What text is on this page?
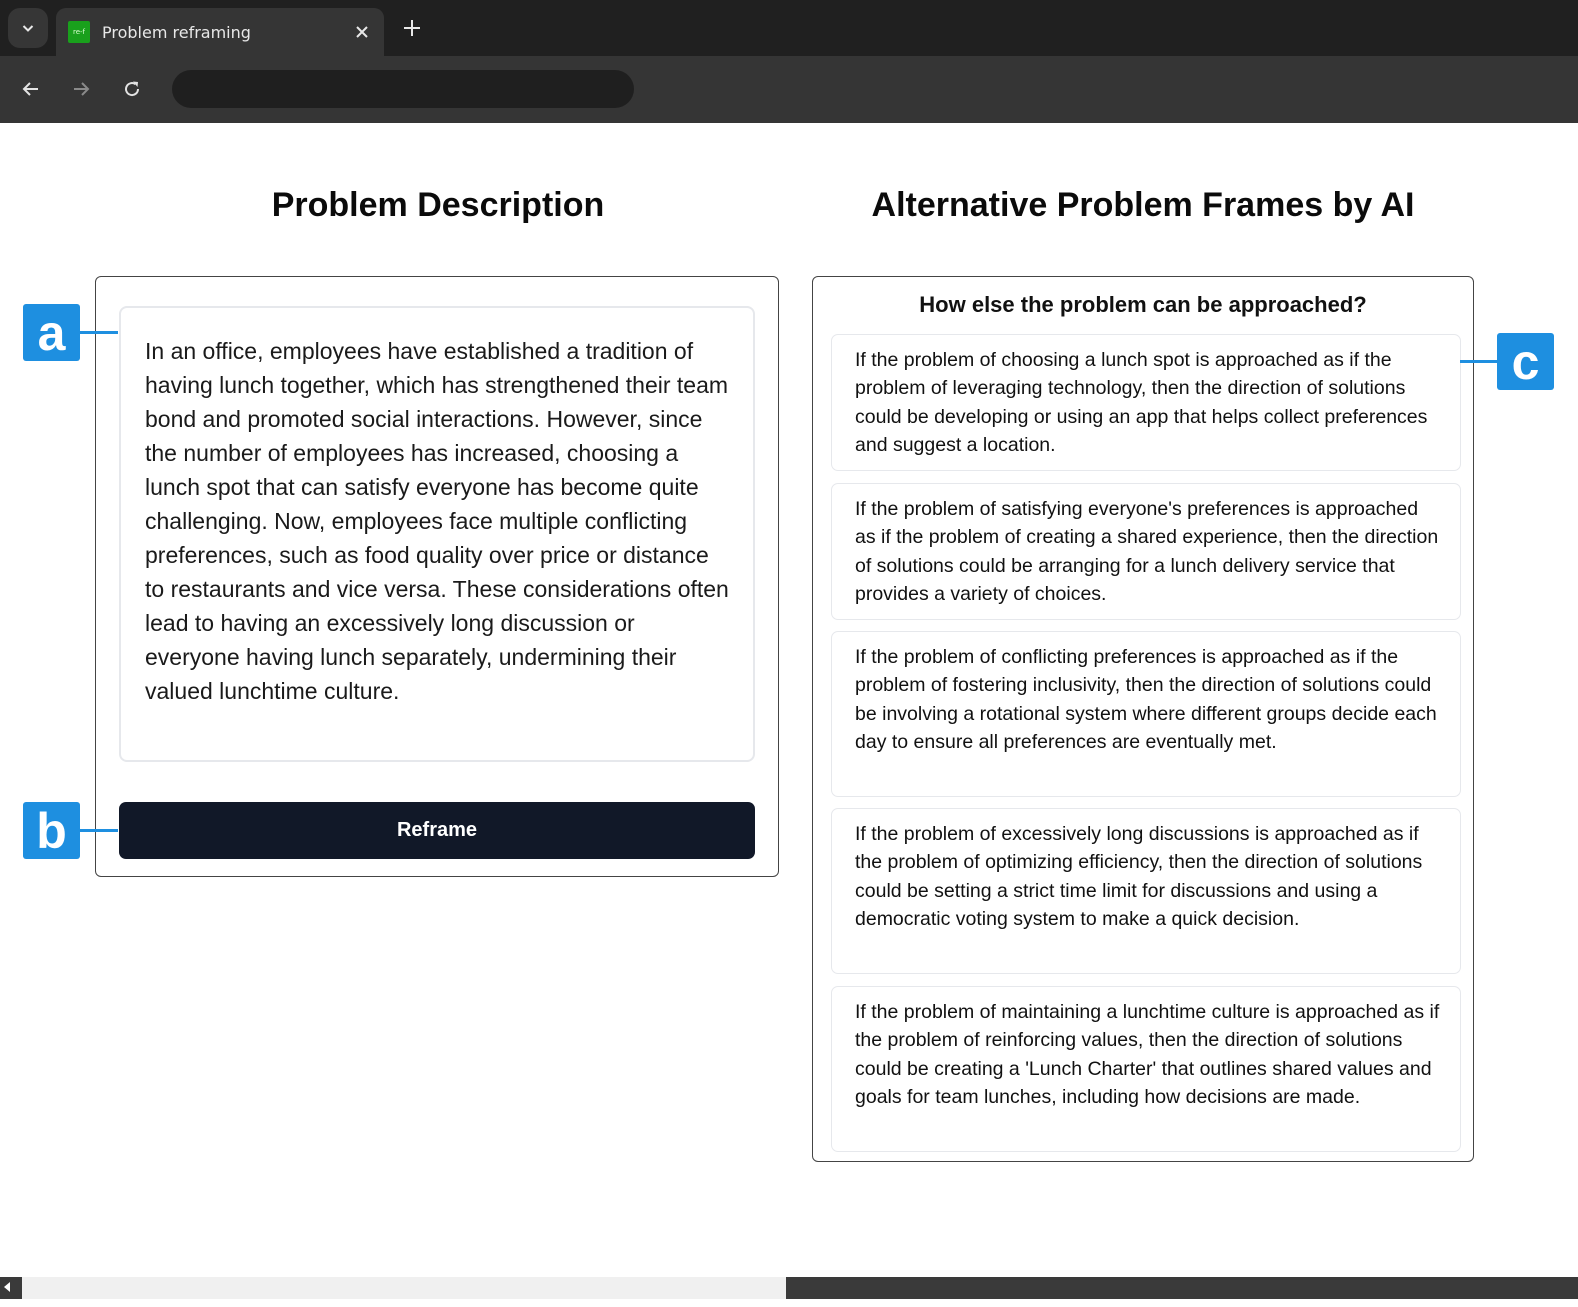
re-f	Problem reframing
Problem Description	Alternative Problem Frames by AI
In an office, employees have established a tradition of having lunch together, which has strengthened their team bond and promoted social interactions. However, since the number of employees has increased, choosing a lunch spot that can satisfy everyone has become quite challenging. Now, employees face multiple conflicting preferences, such as food quality over price or distance to restaurants and vice versa. These considerations often lead to having an excessively long discussion or everyone having lunch separately, undermining their valued lunchtime culture.
Reframe
How else the problem can be approached?
If the problem of choosing a lunch spot is approached as if the problem of leveraging technology, then the direction of solutions could be developing or using an app that helps collect preferences and suggest a location.
If the problem of satisfying everyone's preferences is approached as if the problem of creating a shared experience, then the direction of solutions could be arranging for a lunch delivery service that provides a variety of choices.
If the problem of conflicting preferences is approached as if the problem of fostering inclusivity, then the direction of solutions could be involving a rotational system where different groups decide each day to ensure all preferences are eventually met.
If the problem of excessively long discussions is approached as if the problem of optimizing efficiency, then the direction of solutions could be setting a strict time limit for discussions and using a democratic voting system to make a quick decision.
If the problem of maintaining a lunchtime culture is approached as if the problem of reinforcing values, then the direction of solutions could be creating a 'Lunch Charter' that outlines shared values and goals for team lunches, including how decisions are made.
a
b
c
